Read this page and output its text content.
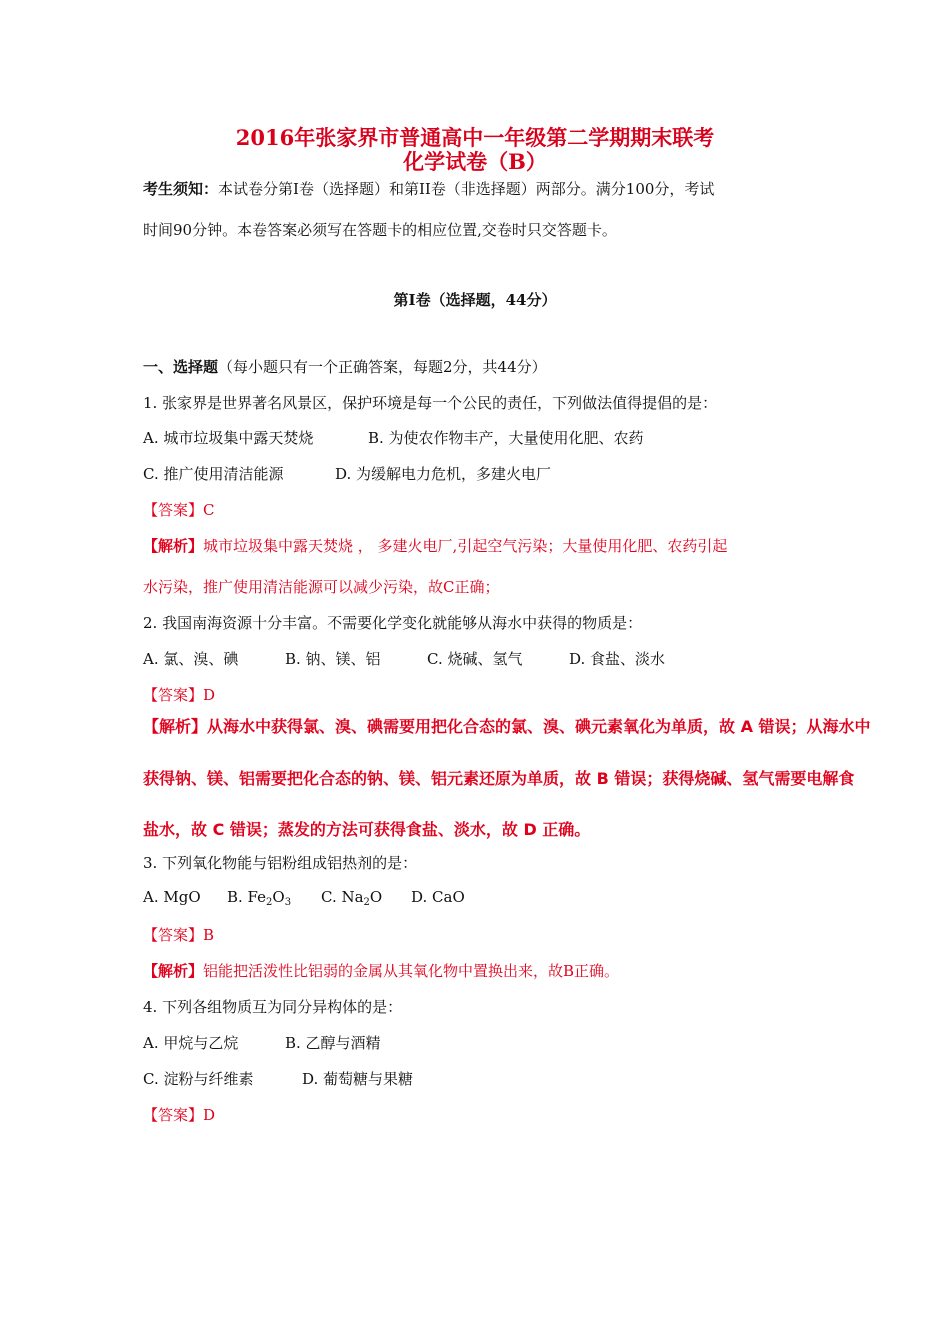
2016年张家界市普通高中一年级第二学期期末联考
化学试卷（B）
考生须知：本试卷分第Ⅰ卷（选择题）和第II卷（非选择题）两部分。满分100分，考试
时间90分钟。本卷答案必须写在答题卡的相应位置,交卷时只交答题卡。
第Ⅰ卷（选择题，44分）
一、选择题（每小题只有一个正确答案，每题2分，共44分）
1. 张家界是世界著名风景区，保护环境是每一个公民的责任，下列做法值得提倡的是：
A. 城市垃圾集中露天焚烧	B. 为使农作物丰产，大量使用化肥、农药
C. 推广使用清洁能源	D. 为缓解电力危机，多建火电厂
【答案】C
【解析】城市垃圾集中露天焚烧 ， 多建火电厂,引起空气污染；大量使用化肥、农药引起
水污染，推广使用清洁能源可以减少污染，故C正确；
2. 我国南海资源十分丰富。不需要化学变化就能够从海水中获得的物质是：
A. 氯、溴、碘	B. 钠、镁、铝	C. 烧碱、氢气	D. 食盐、淡水
【答案】D
【解析】从海水中获得氯、溴、碘需要用把化合态的氯、溴、碘元素氧化为单质，故 A 错误；从海水中
获得钠、镁、铝需要把化合态的钠、镁、铝元素还原为单质，故 B 错误；获得烧碱、氢气需要电解食
盐水，故 C 错误；蒸发的方法可获得食盐、淡水，故 D 正确。
3. 下列氧化物能与铝粉组成铝热剂的是：
A. MgO B. $Fe_2O_3$ C. $Na_2O$ D. CaO
【答案】B
【解析】铝能把活泼性比铝弱的金属从其氧化物中置换出来，故B正确。
4. 下列各组物质互为同分异构体的是：
A. 甲烷与乙烷	B. 乙醇与酒精
C. 淀粉与纤维素	D. 葡萄糖与果糖
【答案】D
